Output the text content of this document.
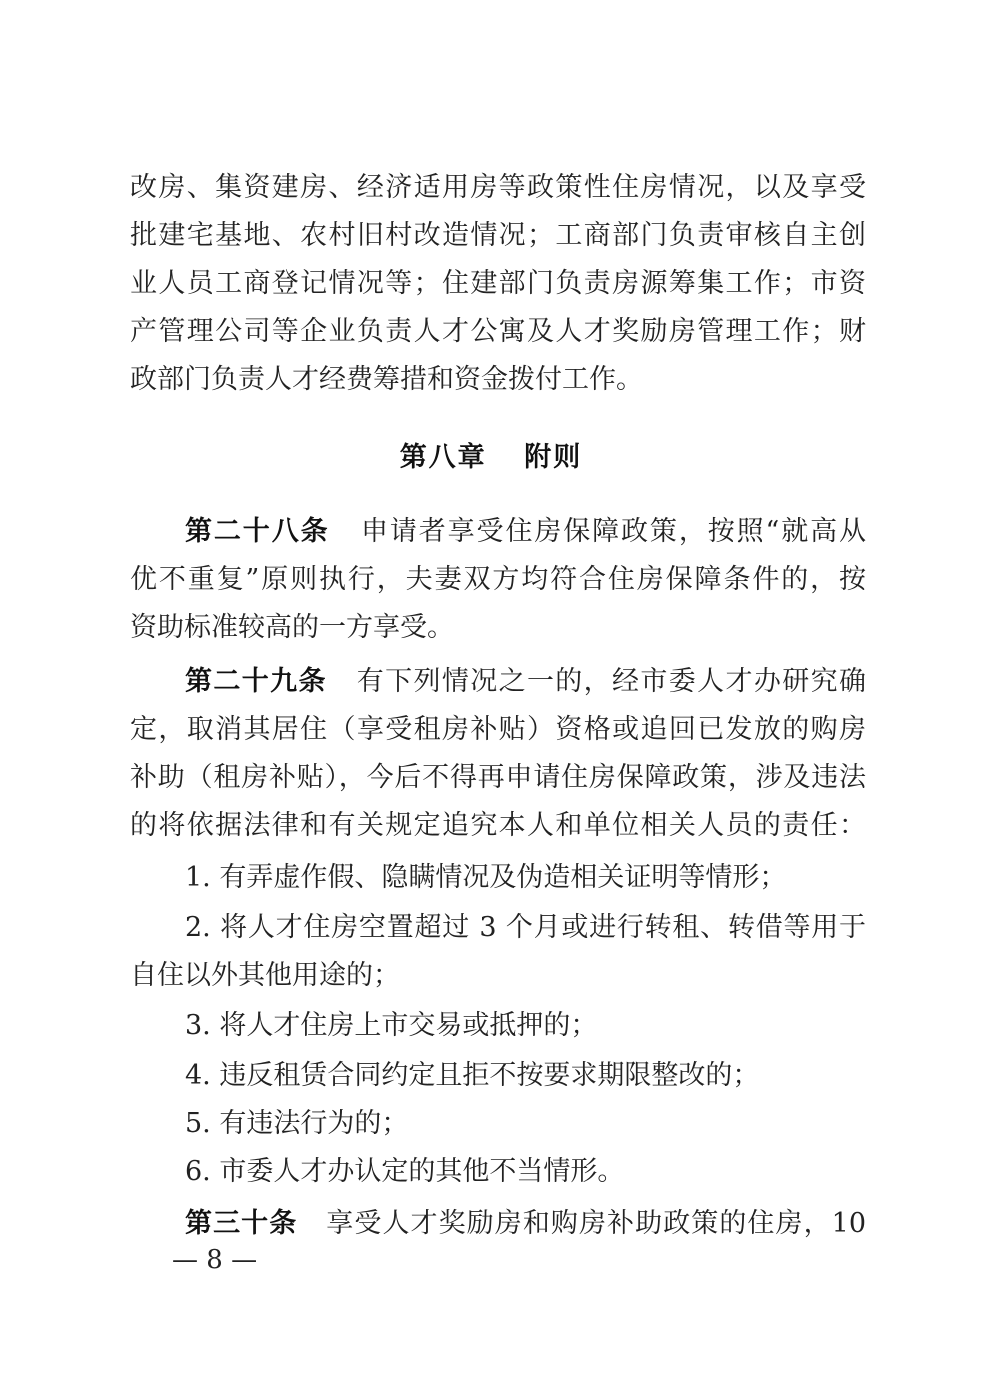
改房、集资建房、经济适用房等政策性住房情况，以及享受
批建宅基地、农村旧村改造情况；工商部门负责审核自主创
业人员工商登记情况等；住建部门负责房源筹集工作；市资
产管理公司等企业负责人才公寓及人才奖励房管理工作；财
政部门负责人才经费筹措和资金拨付工作。
第八章 附则
第二十八条 申请者享受住房保障政策，按照“就高从
优不重复”原则执行，夫妻双方均符合住房保障条件的，按
资助标准较高的一方享受。
第二十九条 有下列情况之一的，经市委人才办研究确
定，取消其居住（享受租房补贴）资格或追回已发放的购房
补助（租房补贴），今后不得再申请住房保障政策，涉及违法
的将依据法律和有关规定追究本人和单位相关人员的责任：
1. 有弄虚作假、隐瞒情况及伪造相关证明等情形；
2. 将人才住房空置超过 3 个月或进行转租、转借等用于
自住以外其他用途的；
3. 将人才住房上市交易或抵押的；
4. 违反租赁合同约定且拒不按要求期限整改的；
5. 有违法行为的；
6. 市委人才办认定的其他不当情形。
第三十条 享受人才奖励房和购房补助政策的住房，10
— 8 —
